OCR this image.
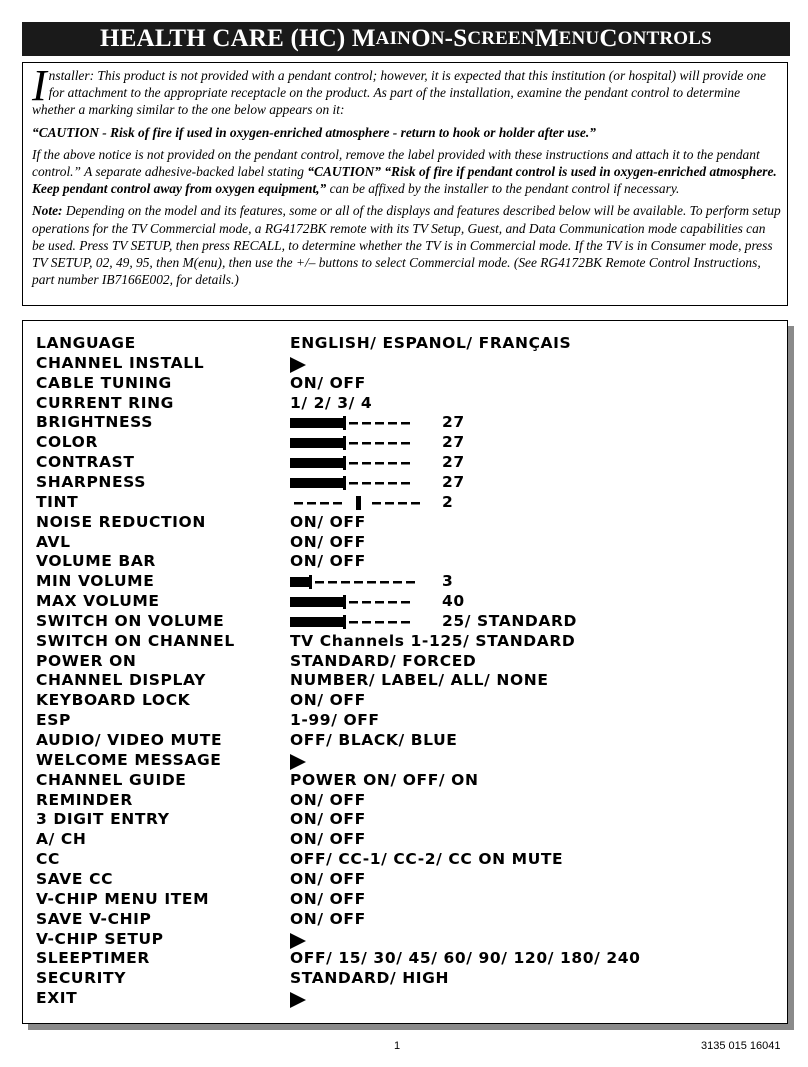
HEALTH CARE (HC) M AIN O N -S CREEN M ENU C ONTROLS

Installer: This product is not provided with a pendant control; however, it is expected that this institution (or hospital) will provide one for attachment to the appropriate receptacle on the product. As part of the installation, examine the pendant control to determine whether a marking similar to the one below appears on it:

“CAUTION - Risk of fire if used in oxygen-enriched atmosphere - return to hook or holder after use.”

If the above notice is not provided on the pendant control, remove the label provided with these instructions and attach it to the pendant control.” A separate adhesive-backed label stating “CAUTION” “Risk of fire if pendant control is used in oxygen-enriched atmosphere. Keep pendant control away from oxygen equipment,” can be affixed by the installer to the pendant control if necessary.

Note: Depending on the model and its features, some or all of the displays and features described below will be available. To perform setup operations for the TV Commercial mode, a RG4172BK remote with its TV Setup, Guest, and Data Communication mode capabilities can be used. Press TV SETUP, then press RECALL, to determine whether the TV is in Commercial mode. If the TV is in Consumer mode, press TV SETUP, 02, 49, 95, then M(enu), then use the +/– buttons to select Commercial mode. (See RG4172BK Remote Control Instructions, part number IB7166E002, for details.)

LANGUAGE	ENGLISH/ ESPANOL/ FRANÇAIS
CHANNEL INSTALL
CABLE TUNING	ON/ OFF
CURRENT RING	1/ 2/ 3/ 4
BRIGHTNESS	27
COLOR	27
CONTRAST	27
SHARPNESS	27
TINT	2
NOISE REDUCTION	ON/ OFF
AVL	ON/ OFF
VOLUME BAR	ON/ OFF
MIN VOLUME	3
MAX VOLUME	40
SWITCH ON VOLUME	25/ STANDARD
SWITCH ON CHANNEL	TV Channels 1-125/ STANDARD
POWER ON	STANDARD/ FORCED
CHANNEL DISPLAY	NUMBER/ LABEL/ ALL/ NONE
KEYBOARD LOCK	ON/ OFF
ESP	1-99/ OFF
AUDIO/ VIDEO MUTE	OFF/ BLACK/ BLUE
WELCOME MESSAGE
CHANNEL GUIDE	POWER ON/ OFF/ ON
REMINDER	ON/ OFF
3 DIGIT ENTRY	ON/ OFF
A/ CH	ON/ OFF
CC	OFF/ CC-1/ CC-2/ CC ON MUTE
SAVE CC	ON/ OFF
V-CHIP MENU ITEM	ON/ OFF
SAVE V-CHIP	ON/ OFF
V-CHIP SETUP
SLEEPTIMER	OFF/ 15/ 30/ 45/ 60/ 90/ 120/ 180/ 240
SECURITY	STANDARD/ HIGH
EXIT
1	3135 015 16041
